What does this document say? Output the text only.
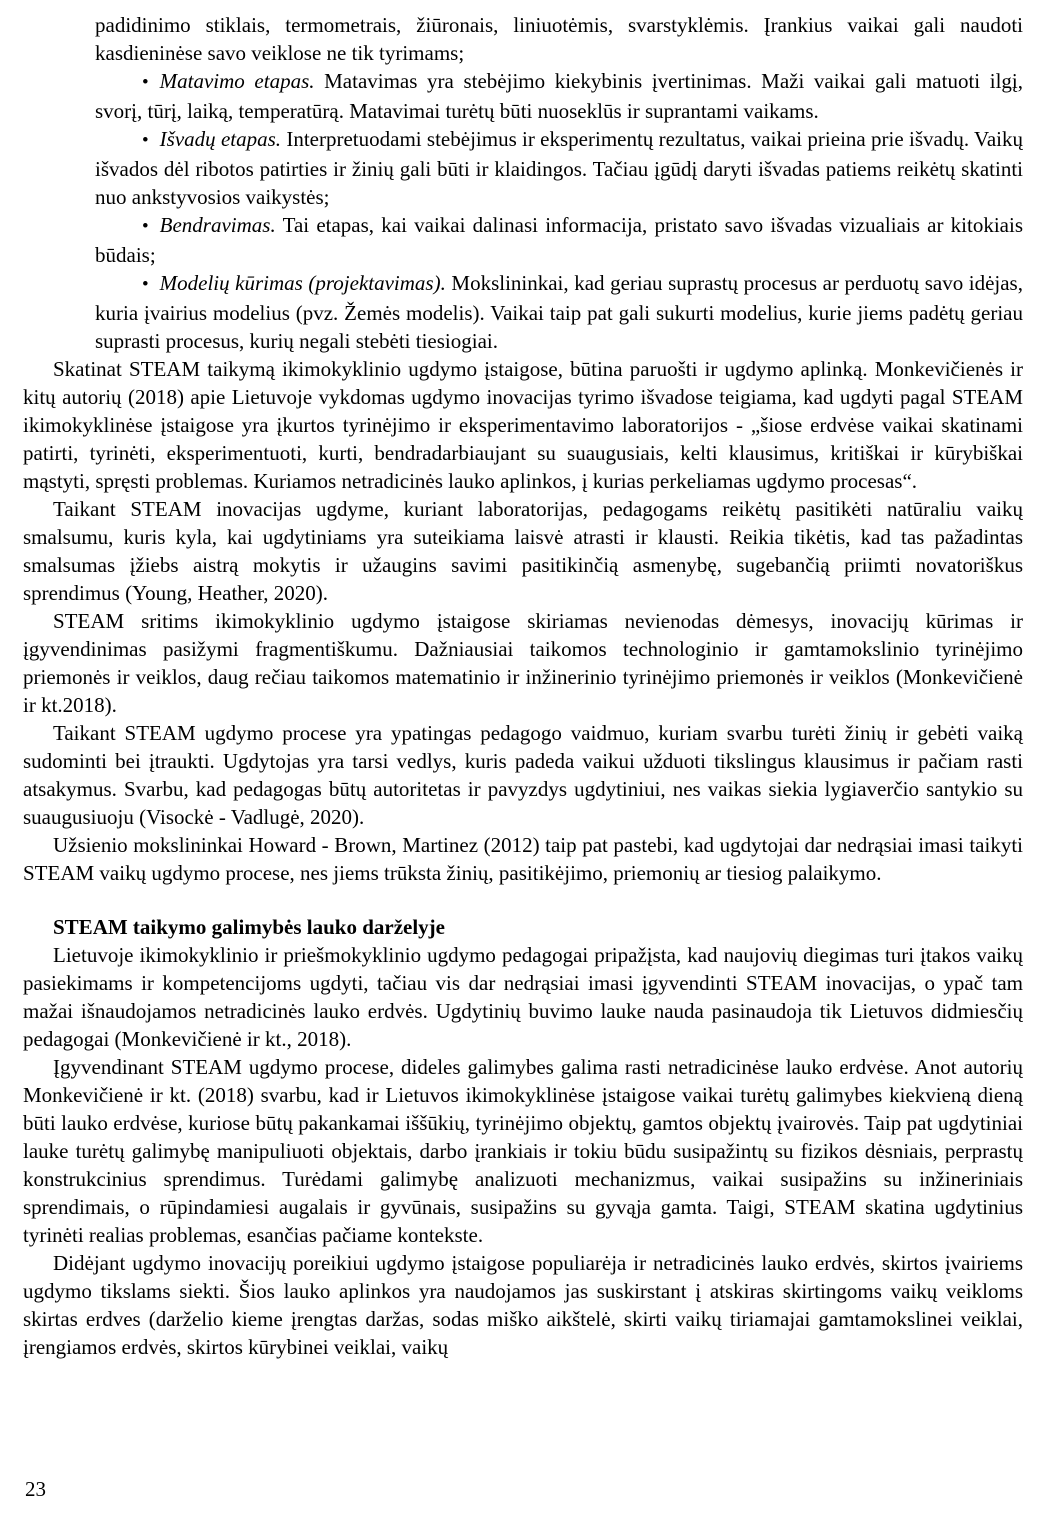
padidinimo stiklais, termometrais, žiūronais, liniuotėmis, svarstyklėmis. Įrankius vaikai gali naudoti kasdieninėse savo veiklose ne tik tyrimams;

• Matavimo etapas. Matavimas yra stebėjimo kiekybinis įvertinimas. Maži vaikai gali matuoti ilgį, svorį, tūrį, laiką, temperatūrą. Matavimai turėtų būti nuoseklūs ir suprantami vaikams.

• Išvadų etapas. Interpretuodami stebėjimus ir eksperimentų rezultatus, vaikai prieina prie išvadų. Vaikų išvados dėl ribotos patirties ir žinių gali būti ir klaidingos. Tačiau įgūdį daryti išvadas patiems reikėtų skatinti nuo ankstyvosios vaikystės;

• Bendravimas. Tai etapas, kai vaikai dalinasi informacija, pristato savo išvadas vizualiais ar kitokiais būdais;

• Modelių kūrimas (projektavimas). Mokslininkai, kad geriau suprastų procesus ar perduotų savo idėjas, kuria įvairius modelius (pvz. Žemės modelis). Vaikai taip pat gali sukurti modelius, kurie jiems padėtų geriau suprasti procesus, kurių negali stebėti tiesiogiai.

Skatinat STEAM taikymą ikimokyklinio ugdymo įstaigose, būtina paruošti ir ugdymo aplinką. Monkevičienės ir kitų autorių (2018) apie Lietuvoje vykdomas ugdymo inovacijas tyrimo išvadose teigiama, kad ugdyti pagal STEAM ikimokyklinėse įstaigose yra įkurtos tyrinėjimo ir eksperimentavimo laboratorijos - „šiose erdvėse vaikai skatinami patirti, tyrinėti, eksperimentuoti, kurti, bendradarbiaujant su suaugusiais, kelti klausimus, kritiškai ir kūrybiškai mąstyti, spręsti problemas. Kuriamos netradicinės lauko aplinkos, į kurias perkeliamas ugdymo procesas“.

Taikant STEAM inovacijas ugdyme, kuriant laboratorijas, pedagogams reikėtų pasitikėti natūraliu vaikų smalsumu, kuris kyla, kai ugdytiniams yra suteikiama laisvė atrasti ir klausti. Reikia tikėtis, kad tas pažadintas smalsumas įžiebs aistrą mokytis ir užaugins savimi pasitikinčią asmenybę, sugebančią priimti novatoriškus sprendimus (Young, Heather, 2020).

STEAM sritims ikimokyklinio ugdymo įstaigose skiriamas nevienodas dėmesys, inovacijų kūrimas ir įgyvendinimas pasižymi fragmentiškumu. Dažniausiai taikomos technologinio ir gamtamokslinio tyrinėjimo priemonės ir veiklos, daug rečiau taikomos matematinio ir inžinerinio tyrinėjimo priemonės ir veiklos (Monkevičienė ir kt.2018).

Taikant STEAM ugdymo procese yra ypatingas pedagogo vaidmuo, kuriam svarbu turėti žinių ir gebėti vaiką sudominti bei įtraukti. Ugdytojas yra tarsi vedlys, kuris padeda vaikui užduoti tikslingus klausimus ir pačiam rasti atsakymus. Svarbu, kad pedagogas būtų autoritetas ir pavyzdys ugdytiniui, nes vaikas siekia lygiaverčio santykio su suaugusiuoju (Visockė - Vadlugė, 2020).

Užsienio mokslininkai Howard - Brown, Martinez (2012) taip pat pastebi, kad ugdytojai dar nedrąsiai imasi taikyti STEAM vaikų ugdymo procese, nes jiems trūksta žinių, pasitikėjimo, priemonių ar tiesiog palaikymo.

STEAM taikymo galimybės lauko darželyje

Lietuvoje ikimokyklinio ir priešmokyklinio ugdymo pedagogai pripažįsta, kad naujovių diegimas turi įtakos vaikų pasiekimams ir kompetencijoms ugdyti, tačiau vis dar nedrąsiai imasi įgyvendinti STEAM inovacijas, o ypač tam mažai išnaudojamos netradicinės lauko erdvės. Ugdytinių buvimo lauke nauda pasinaudoja tik Lietuvos didmiesčių pedagogai (Monkevičienė ir kt., 2018).

Įgyvendinant STEAM ugdymo procese, dideles galimybes galima rasti netradicinėse lauko erdvėse. Anot autorių Monkevičienė ir kt. (2018) svarbu, kad ir Lietuvos ikimokyklinėse įstaigose vaikai turėtų galimybes kiekvieną dieną būti lauko erdvėse, kuriose būtų pakankamai iššūkių, tyrinėjimo objektų, gamtos objektų įvairovės. Taip pat ugdytiniai lauke turėtų galimybę manipuliuoti objektais, darbo įrankiais ir tokiu būdu susipažintų su fizikos dėsniais, perprastų konstrukcinius sprendimus. Turėdami galimybę analizuoti mechanizmus, vaikai susipažins su inžineriniais sprendimais, o rūpindamiesi augalais ir gyvūnais, susipažins su gyvąja gamta. Taigi, STEAM skatina ugdytinius tyrinėti realias problemas, esančias pačiame kontekste.

Didėjant ugdymo inovacijų poreikiui ugdymo įstaigose populiarėja ir netradicinės lauko erdvės, skirtos įvairiems ugdymo tikslams siekti. Šios lauko aplinkos yra naudojamos jas suskirstant į atskiras skirtingoms vaikų veikloms skirtas erdves (darželio kieme įrengtas daržas, sodas miško aikštelė, skirti vaikų tiriamajai gamtamokslinei veiklai, įrengiamos erdvės, skirtos kūrybinei veiklai, vaikų

23
